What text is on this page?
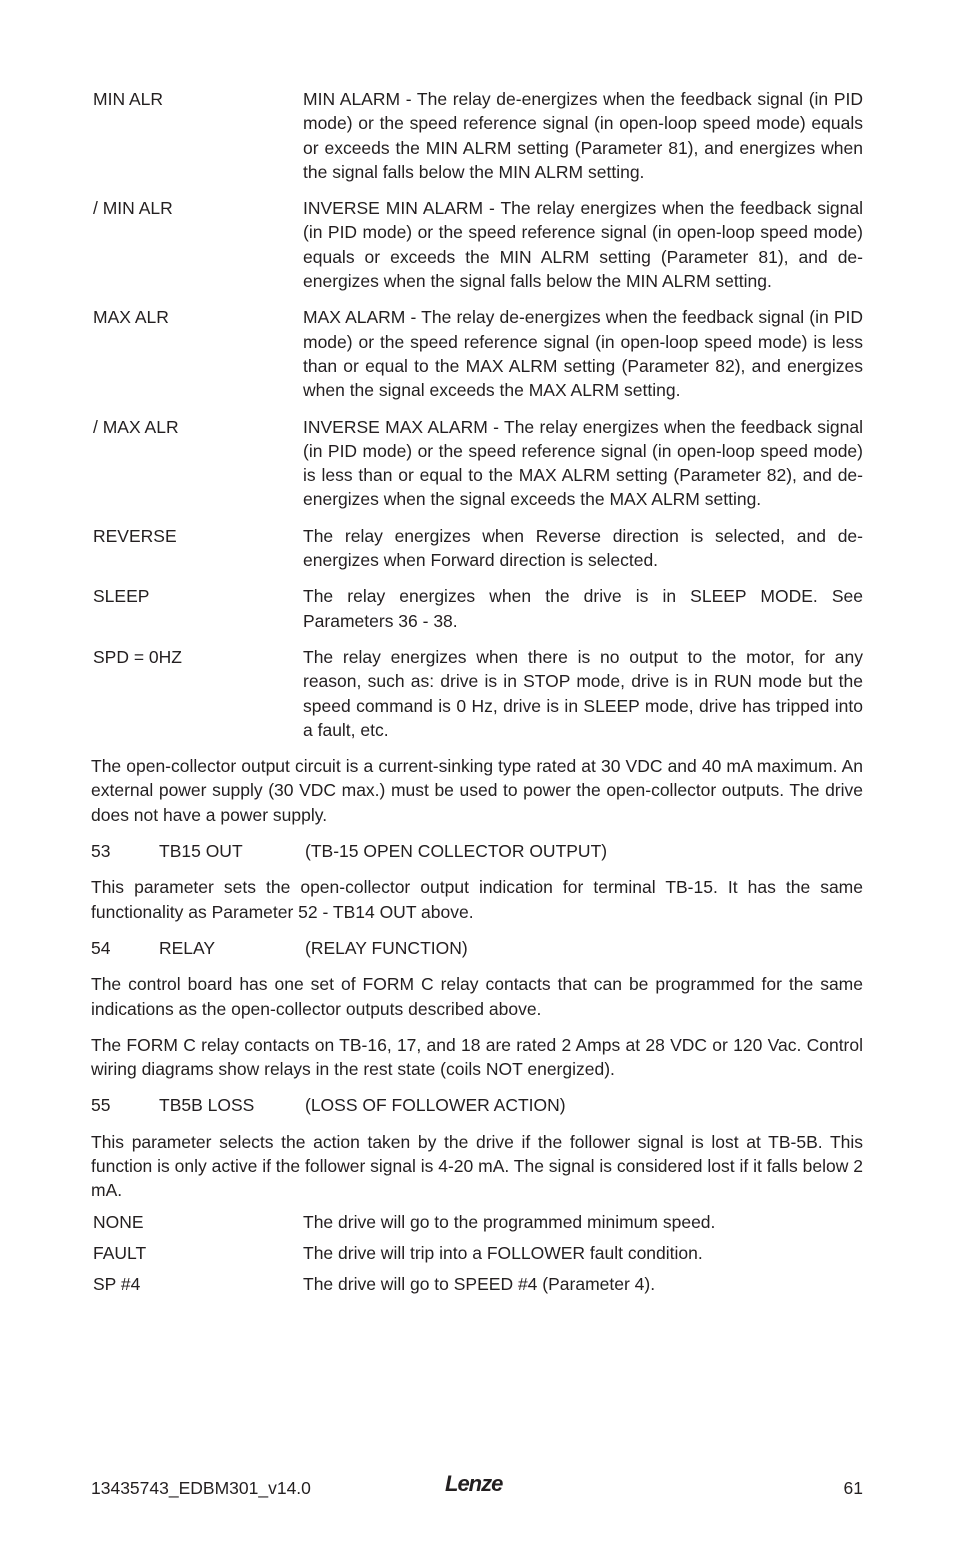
MIN ALR	MIN ALARM - The relay de-energizes when the feedback signal (in PID mode) or the speed reference signal (in open-loop speed mode) equals or exceeds the MIN ALRM setting (Parameter 81), and energizes when the signal falls below the MIN ALRM setting.
/ MIN ALR	INVERSE MIN ALARM - The relay energizes when the feedback signal (in PID mode) or the speed reference signal (in open-loop speed mode) equals or exceeds the MIN ALRM setting (Parameter 81), and de-energizes when the signal falls below the MIN ALRM setting.
MAX ALR	MAX ALARM - The relay de-energizes when the feedback signal (in PID mode) or the speed reference signal (in open-loop speed mode) is less than or equal to the MAX ALRM setting (Parameter 82), and energizes when the signal exceeds the MAX ALRM setting.
/ MAX ALR	INVERSE MAX ALARM - The relay energizes when the feedback signal (in PID mode) or the speed reference signal (in open-loop speed mode) is less than or equal to the MAX ALRM setting (Parameter 82), and de-energizes when the signal exceeds the MAX ALRM setting.
REVERSE	The relay energizes when Reverse direction is selected, and de-energizes when Forward direction is selected.
SLEEP	The relay energizes when the drive is in SLEEP MODE. See Parameters 36 - 38.
SPD = 0HZ	The relay energizes when there is no output to the motor, for any reason, such as: drive is in STOP mode, drive is in RUN mode but the speed command is 0 Hz, drive is in SLEEP mode, drive has tripped into a fault, etc.

The open-collector output circuit is a current-sinking type rated at 30 VDC and 40 mA maximum. An external power supply (30 VDC max.) must be used to power the open-collector outputs. The drive does not have a power supply.

53	TB15 OUT	(TB-15 OPEN COLLECTOR OUTPUT)

This parameter sets the open-collector output indication for terminal TB-15. It has the same functionality as Parameter 52 - TB14 OUT above.

54	RELAY	(RELAY FUNCTION)

The control board has one set of FORM C relay contacts that can be programmed for the same indications as the open-collector outputs described above.

The FORM C relay contacts on TB-16, 17, and 18 are rated 2 Amps at 28 VDC or 120 Vac. Control wiring diagrams show relays in the rest state (coils NOT energized).

55	TB5B LOSS	(LOSS OF FOLLOWER ACTION)

This parameter selects the action taken by the drive if the follower signal is lost at TB-5B. This function is only active if the follower signal is 4-20 mA. The signal is considered lost if it falls below 2 mA.

NONE	The drive will go to the programmed minimum speed.
FAULT	The drive will trip into a FOLLOWER fault condition.
SP #4	The drive will go to SPEED #4 (Parameter 4).
13435743_EDBM301_v14.0	Lenze	61
